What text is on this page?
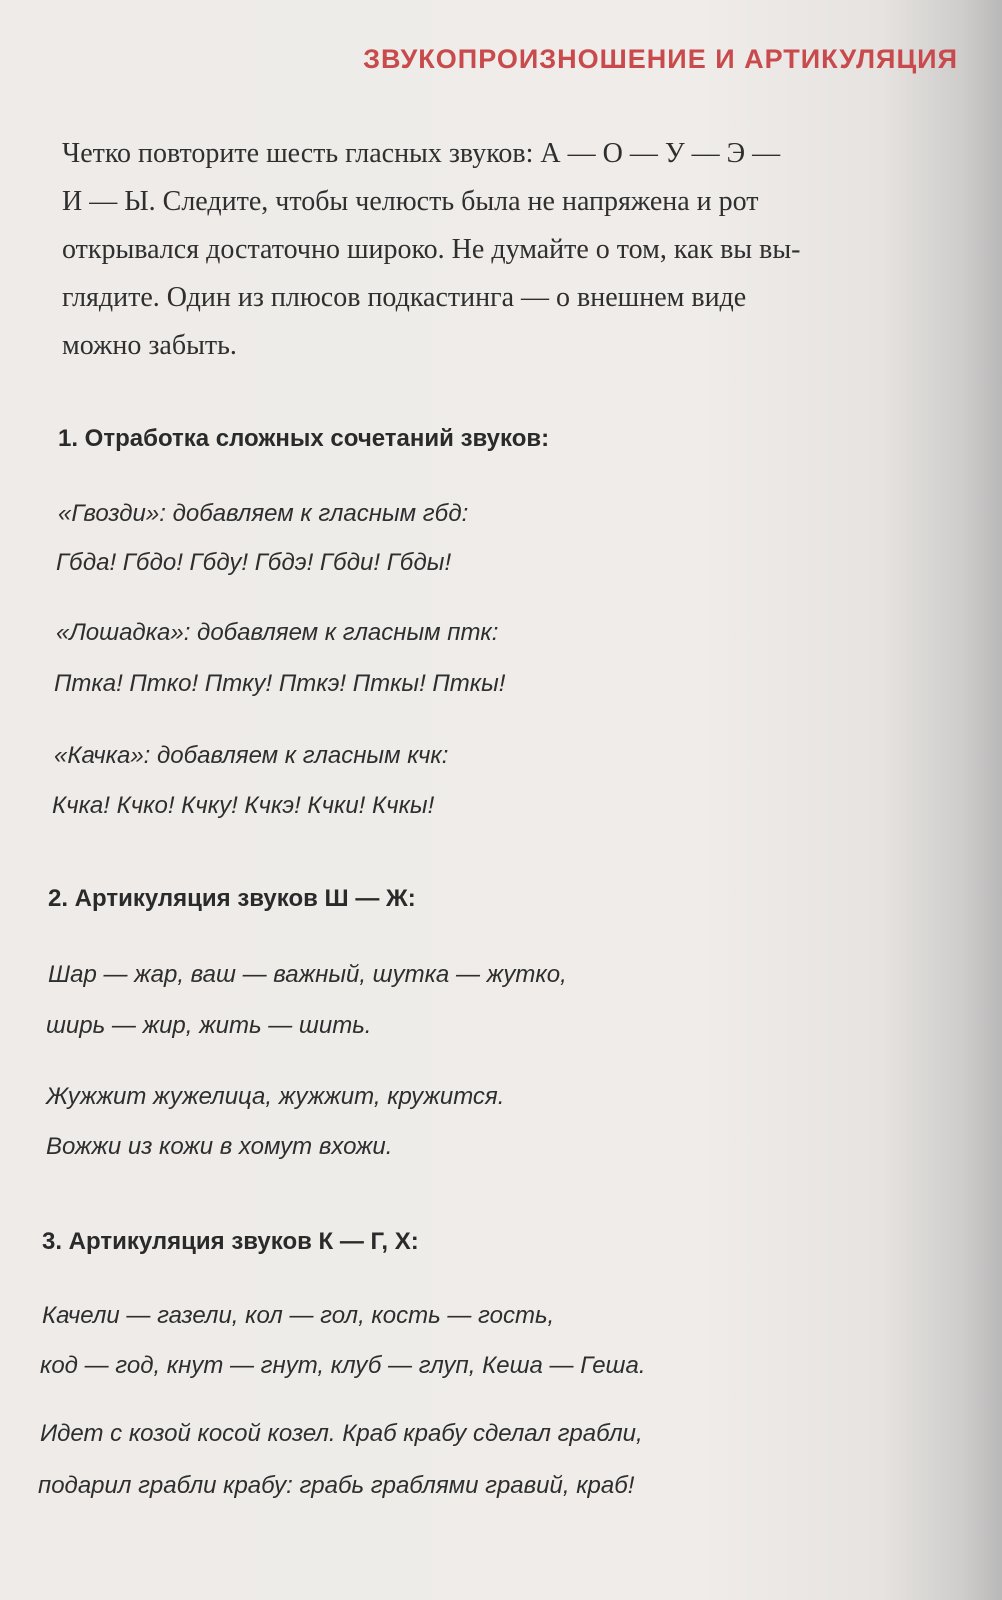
ЗВУКОПРОИЗНОШЕНИЕ И АРТИКУЛЯЦИЯ
Четко повторите шесть гласных звуков: А — О — У — Э —
И — Ы. Следите, чтобы челюсть была не напряжена и рот
открывался достаточно широко. Не думайте о том, как вы вы-
глядите. Один из плюсов подкастинга — о внешнем виде
можно забыть.
1. Отработка сложных сочетаний звуков:
«Гвозди»: добавляем к гласным гбд:
Гбда! Гбдо! Гбду! Гбдэ! Гбди! Гбды!
«Лошадка»: добавляем к гласным птк:
Птка! Птко! Птку! Пткэ! Пткы! Пткы!
«Качка»: добавляем к гласным кчк:
Кчка! Кчко! Кчку! Кчкэ! Кчки! Кчкы!
2. Артикуляция звуков Ш — Ж:
Шар — жар, ваш — важный, шутка — жутко,
ширь — жир, жить — шить.
Жужжит жужелица, жужжит, кружится.
Вожжи из кожи в хомут вхожи.
3. Артикуляция звуков К — Г, Х:
Качели — газели, кол — гол, кость — гость,
код — год, кнут — гнут, клуб — глуп, Кеша — Геша.
Идет с козой косой козел. Краб крабу сделал грабли,
подарил грабли крабу: грабь граблями гравий, краб!
